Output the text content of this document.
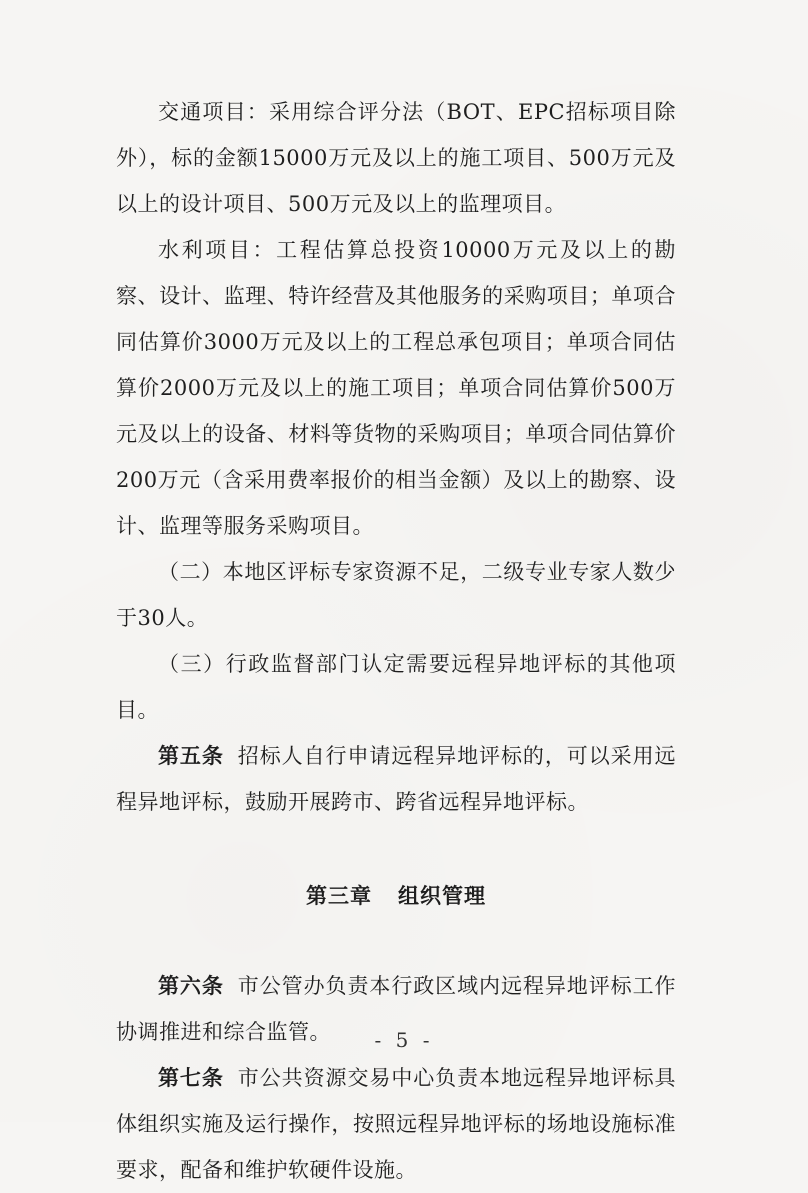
交通项目：采用综合评分法（BOT、EPC招标项目除外），标的金额15000万元及以上的施工项目、500万元及以上的设计项目、500万元及以上的监理项目。

水利项目：工程估算总投资10000万元及以上的勘察、设计、监理、特许经营及其他服务的采购项目；单项合同估算价3000万元及以上的工程总承包项目；单项合同估算价2000万元及以上的施工项目；单项合同估算价500万元及以上的设备、材料等货物的采购项目；单项合同估算价200万元（含采用费率报价的相当金额）及以上的勘察、设计、监理等服务采购项目。

（二）本地区评标专家资源不足，二级专业专家人数少于30人。

（三）行政监督部门认定需要远程异地评标的其他项目。

第五条 招标人自行申请远程异地评标的，可以采用远程异地评标，鼓励开展跨市、跨省远程异地评标。

第三章 组织管理

第六条 市公管办负责本行政区域内远程异地评标工作协调推进和综合监管。

第七条 市公共资源交易中心负责本地远程异地评标具体组织实施及运行操作，按照远程异地评标的场地设施标准要求，配备和维护软硬件设施。

- 5 -
